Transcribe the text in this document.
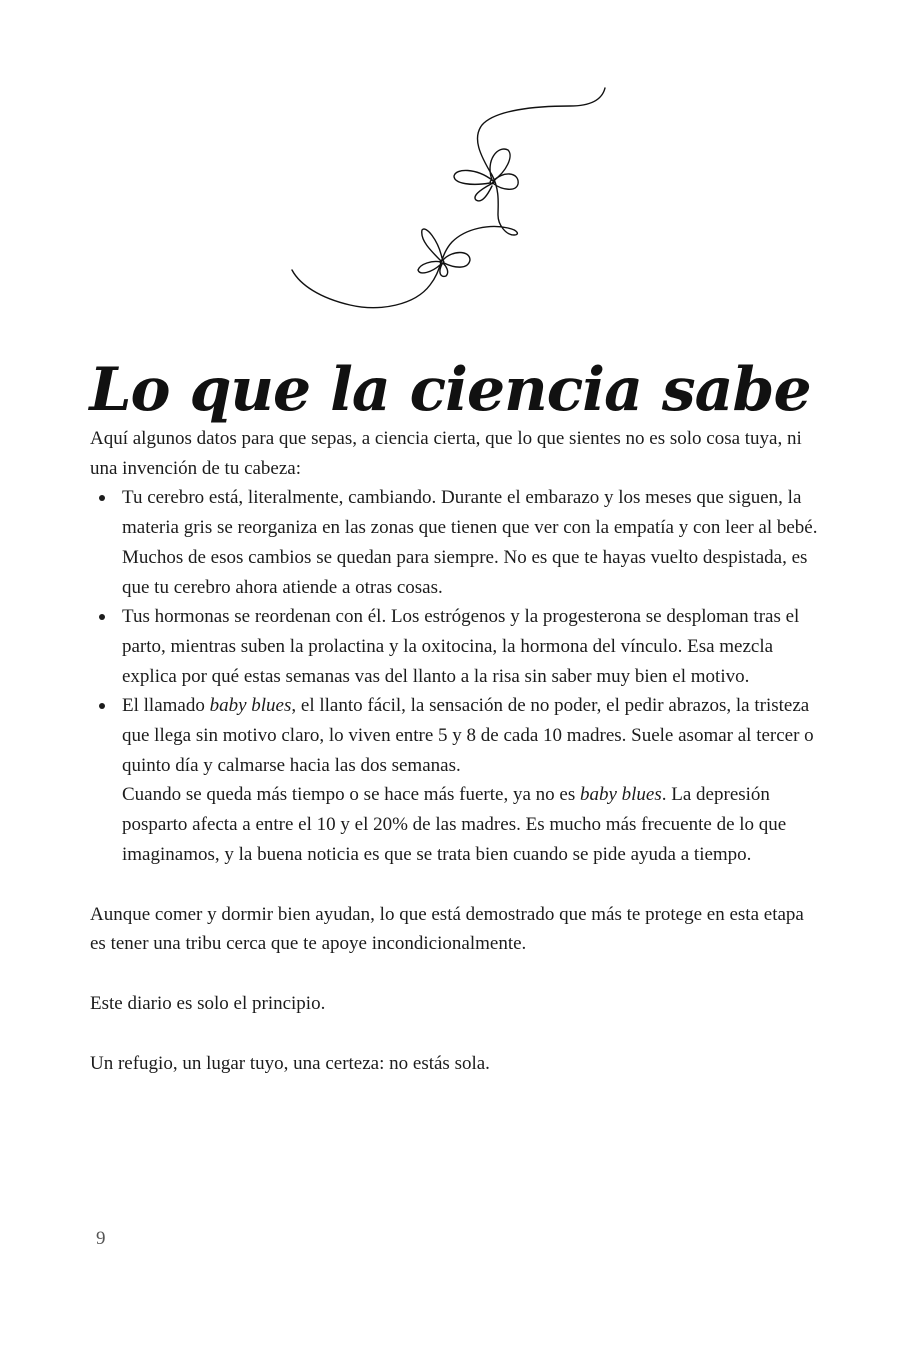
Lo que la ciencia sabe

Aquí algunos datos para que sepas, a ciencia cierta, que lo que sientes no es solo cosa tuya, ni una invención de tu cabeza:

Tu cerebro está, literalmente, cambiando. Durante el embarazo y los meses que siguen, la materia gris se reorganiza en las zonas que tienen que ver con la empatía y con leer al bebé. Muchos de esos cambios se quedan para siempre. No es que te hayas vuelto despistada, es que tu cerebro ahora atiende a otras cosas.
Tus hormonas se reordenan con él. Los estrógenos y la progesterona se desploman tras el parto, mientras suben la prolactina y la oxitocina, la hormona del vínculo. Esa mezcla explica por qué estas semanas vas del llanto a la risa sin saber muy bien el motivo.
El llamado baby blues, el llanto fácil, la sensación de no poder, el pedir abrazos, la tristeza que llega sin motivo claro, lo viven entre 5 y 8 de cada 10 madres. Suele asomar al tercer o quinto día y calmarse hacia las dos semanas.
Cuando se queda más tiempo o se hace más fuerte, ya no es baby blues. La depresión posparto afecta a entre el 10 y el 20% de las madres. Es mucho más frecuente de lo que imaginamos, y la buena noticia es que se trata bien cuando se pide ayuda a tiempo.

Aunque comer y dormir bien ayudan, lo que está demostrado que más te protege en esta etapa es tener una tribu cerca que te apoye incondicionalmente.

Este diario es solo el principio.

Un refugio, un lugar tuyo, una certeza: no estás sola.

9
